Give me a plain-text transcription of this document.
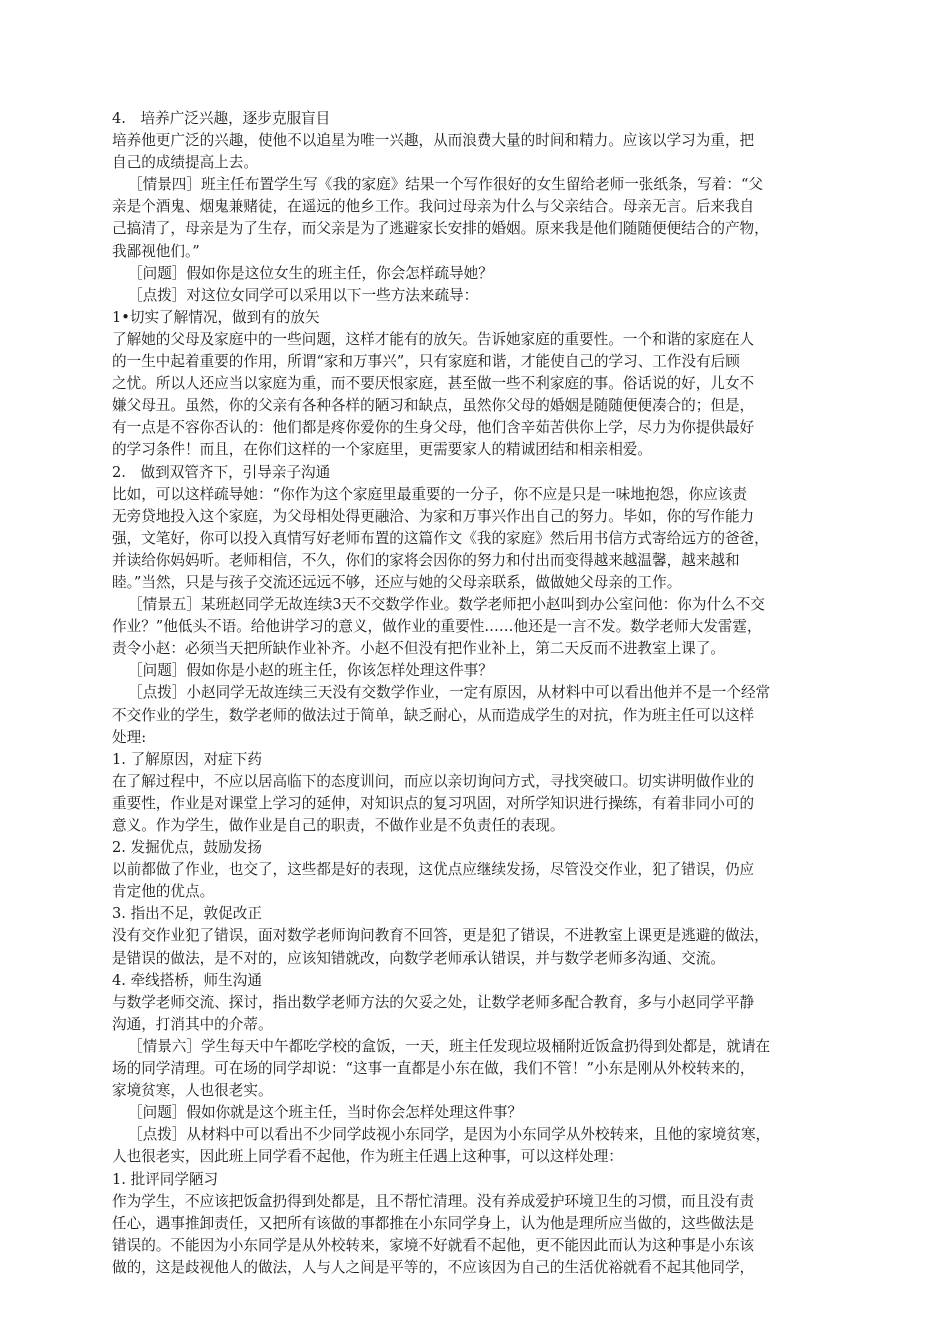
4.　培养广泛兴趣，逐步克服盲目
培养他更广泛的兴趣，使他不以追星为唯一兴趣，从而浪费大量的时间和精力。应该以学习为重，把
自己的成绩提高上去。
［情景四］班主任布置学生写《我的家庭》结果一个写作很好的女生留给老师一张纸条，写着：“父
亲是个酒鬼、烟鬼兼赌徒，在遥远的他乡工作。我问过母亲为什么与父亲结合。母亲无言。后来我自
己搞清了，母亲是为了生存，而父亲是为了逃避家长安排的婚姻。原来我是他们随随便便结合的产物，
我鄙视他们。”
［问题］假如你是这位女生的班主任，你会怎样疏导她？
［点拨］对这位女同学可以采用以下一些方法来疏导：
1•切实了解情况，做到有的放矢
了解她的父母及家庭中的一些问题，这样才能有的放矢。告诉她家庭的重要性。一个和谐的家庭在人
的一生中起着重要的作用，所谓“家和万事兴”，只有家庭和谐，才能使自己的学习、工作没有后顾
之忧。所以人还应当以家庭为重，而不要厌恨家庭，甚至做一些不利家庭的事。俗话说的好，儿女不
嫌父母丑。虽然，你的父亲有各种各样的陋习和缺点，虽然你父母的婚姻是随随便便凑合的；但是，
有一点是不容你否认的：他们都是疼你爱你的生身父母，他们含辛茹苦供你上学，尽力为你提供最好
的学习条件！而且，在你们这样的一个家庭里，更需要家人的精诚团结和相亲相爱。
2.　做到双管齐下，引导亲子沟通
比如，可以这样疏导她：“你作为这个家庭里最重要的一分子，你不应是只是一味地抱怨，你应该责
无旁贷地投入这个家庭，为父母相处得更融洽、为家和万事兴作出自己的努力。毕如，你的写作能力
强，文笔好，你可以投入真情写好老师布置的这篇作文《我的家庭》然后用书信方式寄给远方的爸爸，
并读给你妈妈听。老师相信，不久，你们的家将会因你的努力和付出而变得越来越温馨，越来越和
睦。”当然，只是与孩子交流还远远不够，还应与她的父母亲联系，做做她父母亲的工作。
［情景五］某班赵同学无故连续3天不交数学作业。数学老师把小赵叫到办公室问他：你为什么不交
作业？”他低头不语。给他讲学习的意义，做作业的重要性……他还是一言不发。数学老师大发雷霆，
责令小赵：必须当天把所缺作业补齐。小赵不但没有把作业补上，第二天反而不进教室上课了。
［问题］假如你是小赵的班主任，你该怎样处理这件事？
［点拨］小赵同学无故连续三天没有交数学作业，一定有原因，从材料中可以看出他并不是一个经常
不交作业的学生，数学老师的做法过于简单，缺乏耐心，从而造成学生的对抗，作为班主任可以这样
处理:
1. 了解原因，对症下药
在了解过程中，不应以居高临下的态度训问，而应以亲切询问方式，寻找突破口。切实讲明做作业的
重要性，作业是对课堂上学习的延伸，对知识点的复习巩固，对所学知识进行操练，有着非同小可的
意义。作为学生，做作业是自己的职责，不做作业是不负责任的表现。
2. 发掘优点，鼓励发扬
以前都做了作业，也交了，这些都是好的表现，这优点应继续发扬，尽管没交作业，犯了错误，仍应
肯定他的优点。
3. 指出不足，敦促改正
没有交作业犯了错误，面对数学老师询问教育不回答，更是犯了错误，不进教室上课更是逃避的做法，
是错误的做法，是不对的，应该知错就改，向数学老师承认错误，并与数学老师多沟通、交流。
4. 牵线搭桥，师生沟通
与数学老师交流、探讨，指出数学老师方法的欠妥之处，让数学老师多配合教育，多与小赵同学平静
沟通，打消其中的介蒂。
［情景六］学生每天中午都吃学校的盒饭，一天，班主任发现垃圾桶附近饭盒扔得到处都是，就请在
场的同学清理。可在场的同学却说：“这事一直都是小东在做，我们不管！”小东是刚从外校转来的，
家境贫寒，人也很老实。
［问题］假如你就是这个班主任，当时你会怎样处理这件事？
［点拨］从材料中可以看出不少同学歧视小东同学，是因为小东同学从外校转来，且他的家境贫寒，
人也很老实，因此班上同学看不起他，作为班主任遇上这种事，可以这样处理：
1. 批评同学陋习
作为学生，不应该把饭盒扔得到处都是，且不帮忙清理。没有养成爱护环境卫生的习惯，而且没有责
任心，遇事推卸责任，又把所有该做的事都推在小东同学身上，认为他是理所应当做的，这些做法是
错误的。不能因为小东同学是从外校转来，家境不好就看不起他，更不能因此而认为这种事是小东该
做的，这是歧视他人的做法，人与人之间是平等的，不应该因为自己的生活优裕就看不起其他同学，
